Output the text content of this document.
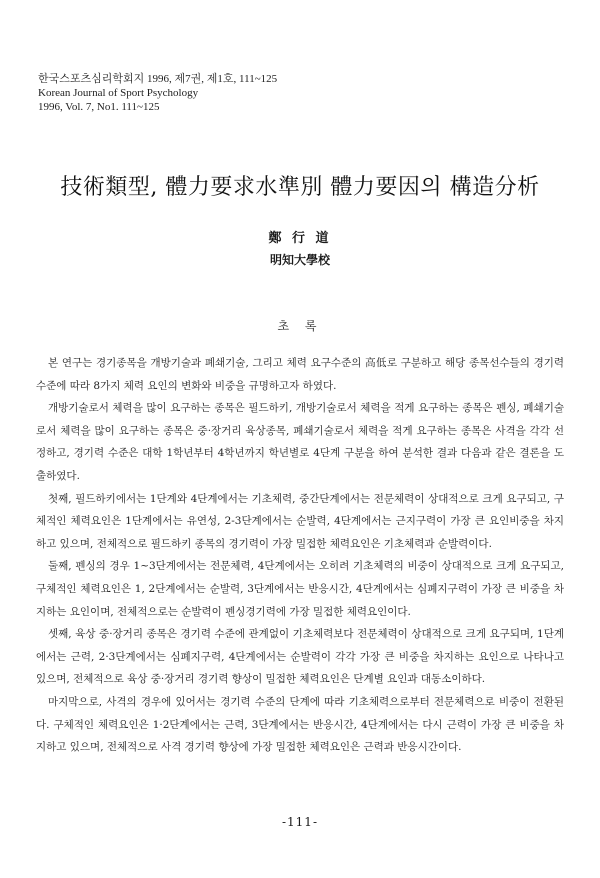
한국스포츠심리학회지 1996, 제7권, 제1호, 111~125
Korean Journal of Sport Psychology
1996, Vol. 7, No1. 111~125
技術類型, 體力要求水準別 體力要因의 構造分析
鄭 行 道
明知大學校
초 록

본 연구는 경기종목을 개방기술과 폐쇄기술, 그리고 체력 요구수준의 高低로 구분하고 해당 종목선수들의 경기력 수준에 따라 8가지 체력 요인의 변화와 비중을 규명하고자 하였다.

개방기술로서 체력을 많이 요구하는 종목은 필드하키, 개방기술로서 체력을 적게 요구하는 종목은 펜싱, 폐쇄기술로서 체력을 많이 요구하는 종목은 중·장거리 육상종목, 폐쇄기술로서 체력을 적게 요구하는 종목은 사격을 각각 선정하고, 경기력 수준은 대학 1학년부터 4학년까지 학년별로 4단계 구분을 하여 분석한 결과 다음과 같은 결론을 도출하였다.

첫째, 필드하키에서는 1단계와 4단계에서는 기초체력, 중간단계에서는 전문체력이 상대적으로 크게 요구되고, 구체적인 체력요인은 1단계에서는 유연성, 2-3단계에서는 순발력, 4단계에서는 근지구력이 가장 큰 요인비중을 차지하고 있으며, 전체적으로 필드하키 종목의 경기력이 가장 밀접한 체력요인은 기초체력과 순발력이다.

둘째, 펜싱의 경우 1~3단계에서는 전문체력, 4단계에서는 오히려 기초체력의 비중이 상대적으로 크게 요구되고, 구체적인 체력요인은 1, 2단계에서는 순발력, 3단계에서는 반응시간, 4단계에서는 심폐지구력이 가장 큰 비중을 차지하는 요인이며, 전체적으로는 순발력이 펜싱경기력에 가장 밀접한 체력요인이다.

셋째, 육상 중·장거리 종목은 경기력 수준에 관계없이 기초체력보다 전문체력이 상대적으로 크게 요구되며, 1단계에서는 근력, 2·3단계에서는 심폐지구력, 4단계에서는 순발력이 각각 가장 큰 비중을 차지하는 요인으로 나타나고 있으며, 전체적으로 육상 중·장거리 경기력 향상이 밀접한 체력요인은 단계별 요인과 대동소이하다.

마지막으로, 사격의 경우에 있어서는 경기력 수준의 단계에 따라 기초체력으로부터 전문체력으로 비중이 전환된다. 구체적인 체력요인은 1·2단계에서는 근력, 3단계에서는 반응시간, 4단계에서는 다시 근력이 가장 큰 비중을 차지하고 있으며, 전체적으로 사격 경기력 향상에 가장 밀접한 체력요인은 근력과 반응시간이다.

-111-
